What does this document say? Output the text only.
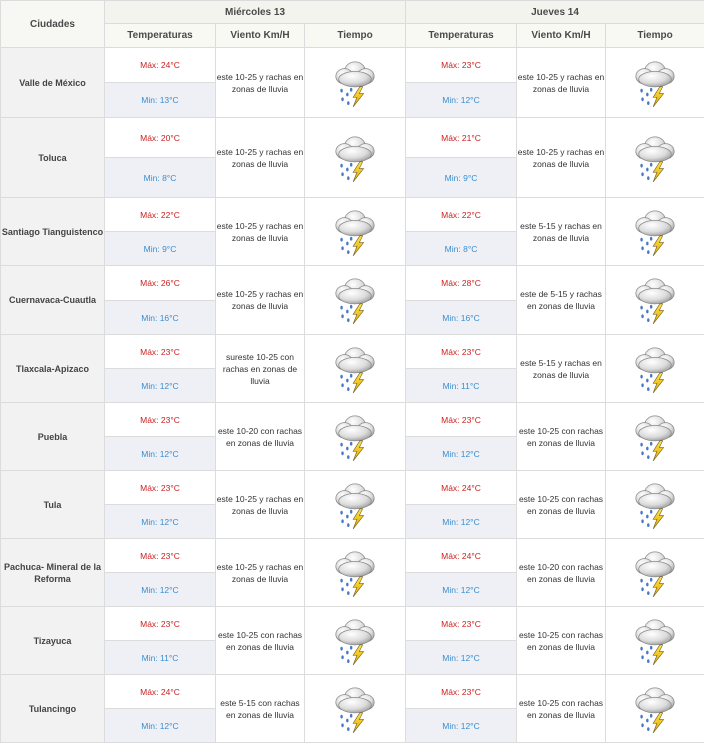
Ciudades	Miércoles 13			Jueves 14		
	Temperaturas	Viento Km/H	Tiempo	Temperaturas	Viento Km/H	Tiempo
Valle de México	Máx: 24°C	este 10-25 y rachas en zonas de lluvia		Máx: 23°C	este 10-25 y rachas en zonas de lluvia	

	Min: 13°C			Min: 12°C		
Toluca	Máx: 20°C	este 10-25 y rachas en zonas de lluvia		Máx: 21°C	este 10-25 y rachas en zonas de lluvia	

	Min: 8°C			Min: 9°C		
Santiago Tianguistenco	Máx: 22°C	este 10-25 y rachas en zonas de lluvia		Máx: 22°C	este 5-15 y rachas en zonas de lluvia	

	Min: 9°C			Min: 8°C		
Cuernavaca-Cuautla	Máx: 26°C	este 10-25 y rachas en zonas de lluvia		Máx: 28°C	este de 5-15 y rachas en zonas de lluvia	

	Min: 16°C			Min: 16°C		
Tlaxcala-Apizaco	Máx: 23°C	sureste 10-25 con rachas en zonas de lluvia		Máx: 23°C	este 5-15 y rachas en zonas de lluvia	

	Min: 12°C			Min: 11°C		
Puebla	Máx: 23°C	este 10-20 con rachas en zonas de lluvia		Máx: 23°C	este 10-25 con rachas en zonas de lluvia	

	Min: 12°C			Min: 12°C		
Tula	Máx: 23°C	este 10-25 y rachas en zonas de lluvia		Máx: 24°C	este 10-25 con rachas en zonas de lluvia	

	Min: 12°C			Min: 12°C		
Pachuca- Mineral de la Reforma	Máx: 23°C	este 10-25 y rachas en zonas de lluvia		Máx: 24°C	este 10-20 con rachas en zonas de lluvia	

	Min: 12°C			Min: 12°C		
Tizayuca	Máx: 23°C	este 10-25 con rachas en zonas de lluvia		Máx: 23°C	este 10-25 con rachas en zonas de lluvia	

	Min: 11°C			Min: 12°C		
Tulancingo	Máx: 24°C	este 5-15 con rachas en zonas de lluvia		Máx: 23°C	este 10-25 con rachas en zonas de lluvia	

	Min: 12°C			Min: 12°C		
